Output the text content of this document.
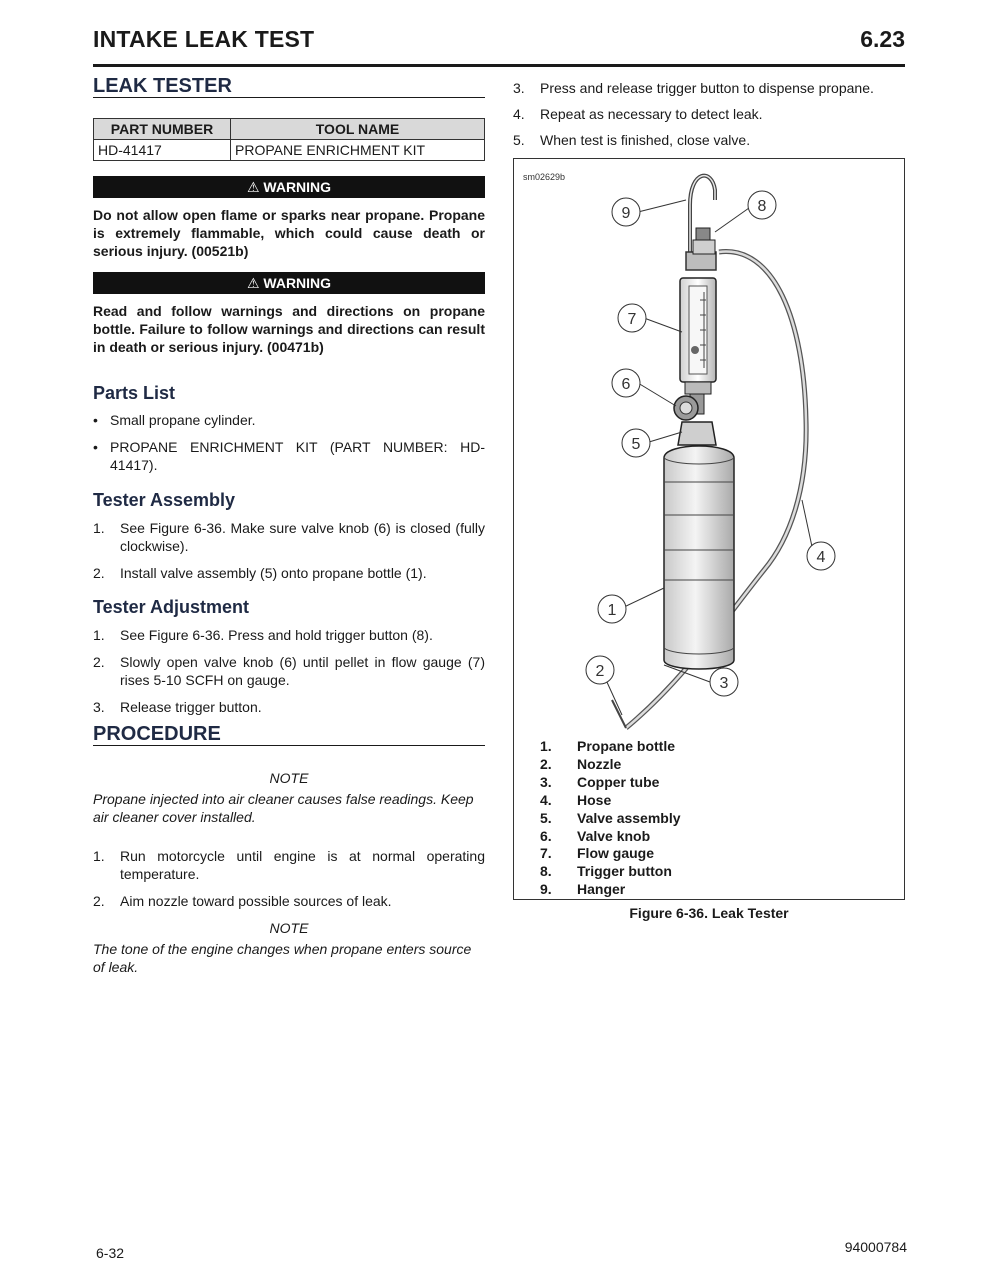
INTAKE LEAK TEST	6.23
LEAK TESTER
PART NUMBER	TOOL NAME
HD-41417	PROPANE ENRICHMENT KIT
⚠ WARNING
Do not allow open flame or sparks near propane. Propane is extremely flammable, which could cause death or serious injury. (00521b)
⚠ WARNING
Read and follow warnings and directions on propane bottle. Failure to follow warnings and directions can result in death or serious injury. (00471b)
Parts List
• Small propane cylinder.
• PROPANE ENRICHMENT KIT (PART NUMBER: HD-41417).
Tester Assembly
1. See Figure 6-36. Make sure valve knob (6) is closed (fully clockwise).
2. Install valve assembly (5) onto propane bottle (1).
Tester Adjustment
1. See Figure 6-36. Press and hold trigger button (8).
2. Slowly open valve knob (6) until pellet in flow gauge (7) rises 5-10 SCFH on gauge.
3. Release trigger button.
PROCEDURE
NOTE
Propane injected into air cleaner causes false readings. Keep air cleaner cover installed.
1. Run motorcycle until engine is at normal operating temperature.
2. Aim nozzle toward possible sources of leak.
NOTE
The tone of the engine changes when propane enters source of leak.
3. Press and release trigger button to dispense propane.
4. Repeat as necessary to detect leak.
5. When test is finished, close valve.
sm02629b
9	8
7
6
5
4
1
2
3
1. Propane bottle
2. Nozzle
3. Copper tube
4. Hose
5. Valve assembly
6. Valve knob
7. Flow gauge
8. Trigger button
9. Hanger
Figure 6-36. Leak Tester
6-32	94000784
